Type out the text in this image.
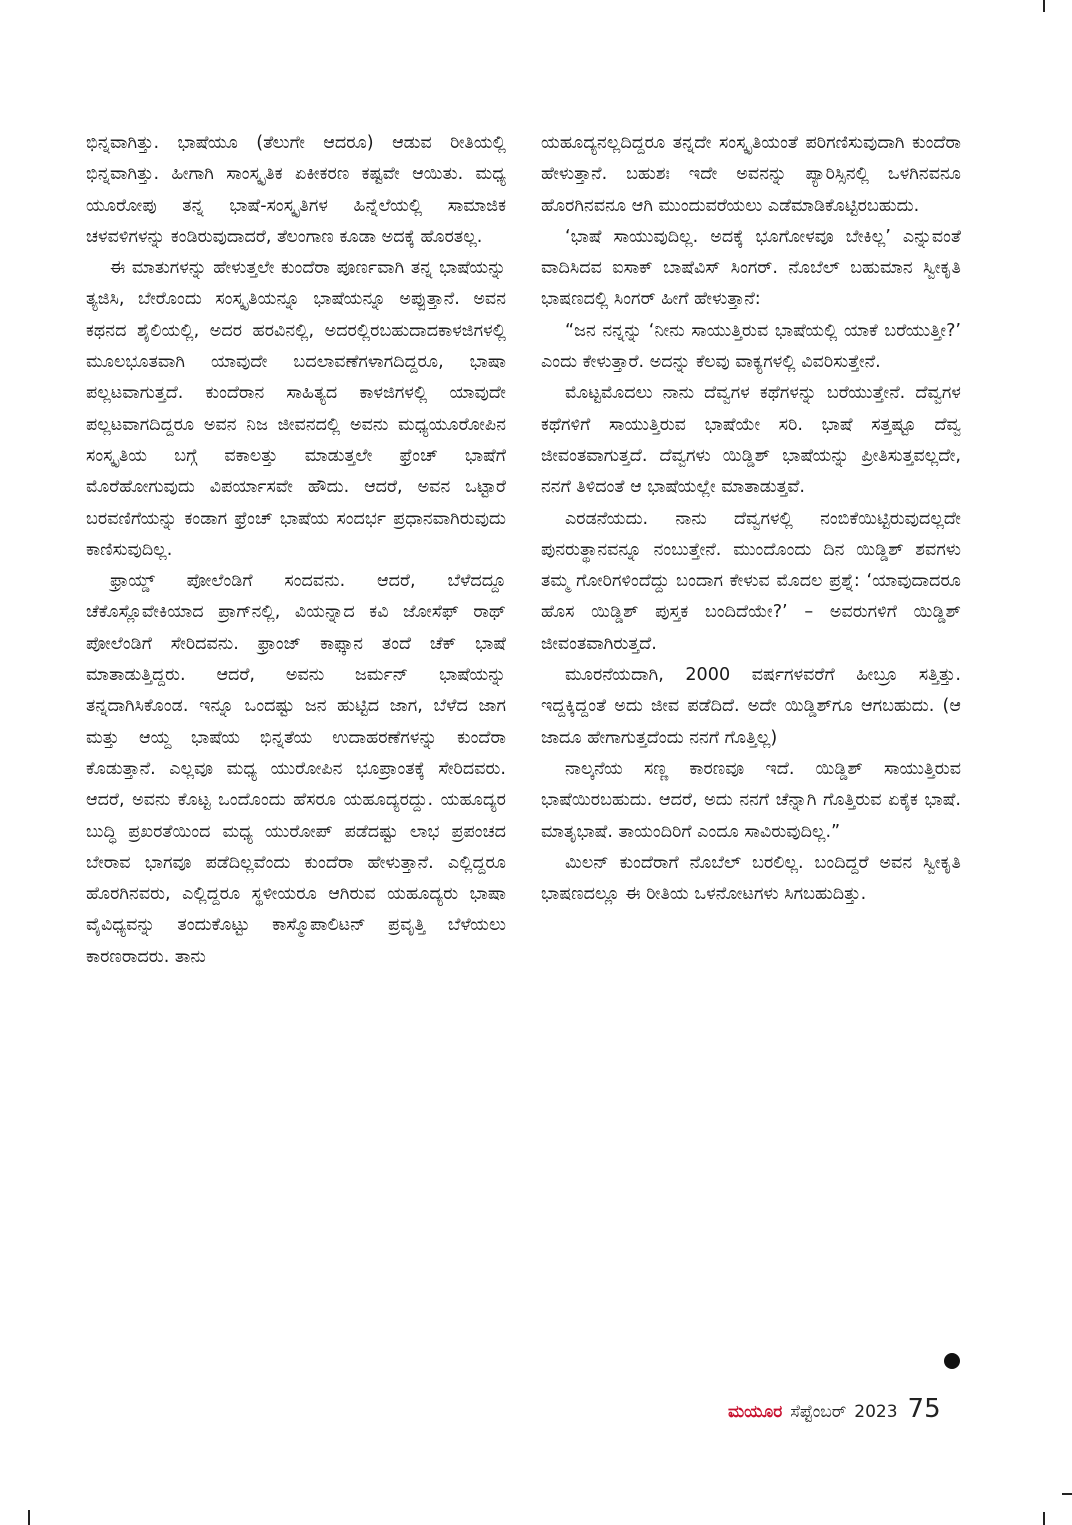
ಭಿನ್ನವಾಗಿತ್ತು. ಭಾಷೆಯೂ (ತೆಲುಗೇ ಆದರೂ) ಆಡುವ ರೀತಿಯಲ್ಲಿ ಭಿನ್ನವಾಗಿತ್ತು. ಹೀಗಾಗಿ ಸಾಂಸ್ಕೃತಿಕ ಏಕೀಕರಣ ಕಷ್ಟವೇ ಆಯಿತು. ಮಧ್ಯ ಯೂರೋಪು ತನ್ನ ಭಾಷೆ-ಸಂಸ್ಕೃತಿಗಳ ಹಿನ್ನೆಲೆಯಲ್ಲಿ ಸಾಮಾಜಿಕ ಚಳವಳಿಗಳನ್ನು ಕಂಡಿರುವುದಾದರೆ, ತೆಲಂಗಾಣ ಕೂಡಾ ಅದಕ್ಕೆ ಹೊರತಲ್ಲ.

ಈ ಮಾತುಗಳನ್ನು ಹೇಳುತ್ತಲೇ ಕುಂದೆರಾ ಪೂರ್ಣವಾಗಿ ತನ್ನ ಭಾಷೆಯನ್ನು ತ್ಯಜಿಸಿ, ಬೇರೊಂದು ಸಂಸ್ಕೃತಿಯನ್ನೂ ಭಾಷೆಯನ್ನೂ ಅಪ್ಪುತ್ತಾನೆ. ಅವನ ಕಥನದ ಶೈಲಿಯಲ್ಲಿ, ಅದರ ಹರವಿನಲ್ಲಿ, ಅದರಲ್ಲಿರಬಹುದಾದಕಾಳಜಿಗಳಲ್ಲಿ ಮೂಲಭೂತವಾಗಿ ಯಾವುದೇ ಬದಲಾವಣೆಗಳಾಗದಿದ್ದರೂ, ಭಾಷಾ ಪಲ್ಲಟವಾಗುತ್ತದೆ. ಕುಂದೆರಾನ ಸಾಹಿತ್ಯದ ಕಾಳಜಿಗಳಲ್ಲಿ ಯಾವುದೇ ಪಲ್ಲಟವಾಗದಿದ್ದರೂ ಅವನ ನಿಜ ಜೀವನದಲ್ಲಿ ಅವನು ಮಧ್ಯಯೂರೋಪಿನ ಸಂಸ್ಕೃತಿಯ ಬಗ್ಗೆ ವಕಾಲತ್ತು ಮಾಡುತ್ತಲೇ ಫ್ರೆಂಚ್ ಭಾಷೆಗೆ ಮೊರೆಹೋಗುವುದು ವಿಪರ್ಯಾಸವೇ ಹೌದು. ಆದರೆ, ಅವನ ಒಟ್ಟಾರೆ ಬರವಣಿಗೆಯನ್ನು ಕಂಡಾಗ ಫ್ರೆಂಚ್ ಭಾಷೆಯ ಸಂದರ್ಭ ಪ್ರಧಾನವಾಗಿರುವುದು ಕಾಣಿಸುವುದಿಲ್ಲ.

ಫ್ರಾಯ್ಡ್ ಪೋಲೆಂಡಿಗೆ ಸಂದವನು. ಆದರೆ, ಬೆಳೆದದ್ದೂ ಚೆಕೊಸ್ಲೊವೇಕಿಯಾದ ಪ್ರಾಗ್‌ನಲ್ಲಿ, ವಿಯನ್ನಾದ ಕವಿ ಜೋಸೆಫ್ ರಾಥ್ ಪೋಲೆಂಡಿಗೆ ಸೇರಿದವನು. ಫ್ರಾಂಜ್ ಕಾಫ್ಕಾನ ತಂದೆ ಚೆಕ್ ಭಾಷೆ ಮಾತಾಡುತ್ತಿದ್ದರು. ಆದರೆ, ಅವನು ಜರ್ಮನ್ ಭಾಷೆಯನ್ನು ತನ್ನದಾಗಿಸಿಕೊಂಡ. ಇನ್ನೂ ಒಂದಷ್ಟು ಜನ ಹುಟ್ಟಿದ ಜಾಗ, ಬೆಳೆದ ಜಾಗ ಮತ್ತು ಆಯ್ದ ಭಾಷೆಯ ಭಿನ್ನತೆಯ ಉದಾಹರಣೆಗಳನ್ನು ಕುಂದೆರಾ ಕೊಡುತ್ತಾನೆ. ಎಲ್ಲವೂ ಮಧ್ಯ ಯುರೋಪಿನ ಭೂಪ್ರಾಂತಕ್ಕೆ ಸೇರಿದವರು. ಆದರೆ, ಅವನು ಕೊಟ್ಟ ಒಂದೊಂದು ಹೆಸರೂ ಯಹೂದ್ಯರದ್ದು. ಯಹೂದ್ಯರ ಬುದ್ಧಿ ಪ್ರಖರತೆಯಿಂದ ಮಧ್ಯ ಯುರೋಪ್ ಪಡೆದಷ್ಟು ಲಾಭ ಪ್ರಪಂಚದ ಬೇರಾವ ಭಾಗವೂ ಪಡೆದಿಲ್ಲವೆಂದು ಕುಂದೆರಾ ಹೇಳುತ್ತಾನೆ. ಎಲ್ಲಿದ್ದರೂ ಹೊರಗಿನವರು, ಎಲ್ಲಿದ್ದರೂ ಸ್ಥಳೀಯರೂ ಆಗಿರುವ ಯಹೂದ್ಯರು ಭಾಷಾ ವೈವಿಧ್ಯವನ್ನು ತಂದುಕೊಟ್ಟು ಕಾಸ್ಮೊಪಾಲಿಟನ್ ಪ್ರವೃತ್ತಿ ಬೆಳೆಯಲು ಕಾರಣರಾದರು. ತಾನು

ಯಹೂದ್ಯನಲ್ಲದಿದ್ದರೂ ತನ್ನದೇ ಸಂಸ್ಕೃತಿಯಂತೆ ಪರಿಗಣಿಸುವುದಾಗಿ ಕುಂದೆರಾ ಹೇಳುತ್ತಾನೆ. ಬಹುಶಃ ಇದೇ ಅವನನ್ನು ಪ್ಯಾರಿಸ್ಸಿನಲ್ಲಿ ಒಳಗಿನವನೂ ಹೊರಗಿನವನೂ ಆಗಿ ಮುಂದುವರೆಯಲು ಎಡೆಮಾಡಿಕೊಟ್ಟಿರಬಹುದು.

‘ಭಾಷೆ ಸಾಯುವುದಿಲ್ಲ. ಅದಕ್ಕೆ ಭೂಗೋಳವೂ ಬೇಕಿಲ್ಲ’ ಎನ್ನುವಂತೆ ವಾದಿಸಿದವ ಐಸಾಕ್ ಬಾಷೆವಿಸ್ ಸಿಂಗರ್. ನೊಬೆಲ್ ಬಹುಮಾನ ಸ್ವೀಕೃತಿ ಭಾಷಣದಲ್ಲಿ ಸಿಂಗರ್ ಹೀಗೆ ಹೇಳುತ್ತಾನೆ:

“ಜನ ನನ್ನನ್ನು ‘ನೀನು ಸಾಯುತ್ತಿರುವ ಭಾಷೆಯಲ್ಲಿ ಯಾಕೆ ಬರೆಯುತ್ತೀ?’ ಎಂದು ಕೇಳುತ್ತಾರೆ. ಅದನ್ನು ಕೆಲವು ವಾಕ್ಯಗಳಲ್ಲಿ ವಿವರಿಸುತ್ತೇನೆ.

ಮೊಟ್ಟಮೊದಲು ನಾನು ದೆವ್ವಗಳ ಕಥೆಗಳನ್ನು ಬರೆಯುತ್ತೇನೆ. ದೆವ್ವಗಳ ಕಥೆಗಳಿಗೆ ಸಾಯುತ್ತಿರುವ ಭಾಷೆಯೇ ಸರಿ. ಭಾಷೆ ಸತ್ತಷ್ಟೂ ದೆವ್ವ ಜೀವಂತವಾಗುತ್ತದೆ. ದೆವ್ವಗಳು ಯಿಡ್ಡಿಶ್ ಭಾಷೆಯನ್ನು ಪ್ರೀತಿಸುತ್ತವಲ್ಲದೇ, ನನಗೆ ತಿಳಿದಂತೆ ಆ ಭಾಷೆಯಲ್ಲೇ ಮಾತಾಡುತ್ತವೆ.

ಎರಡನೆಯದು. ನಾನು ದೆವ್ವಗಳಲ್ಲಿ ನಂಬಿಕೆಯಿಟ್ಟಿರುವುದಲ್ಲದೇ ಪುನರುತ್ಥಾನವನ್ನೂ ನಂಬುತ್ತೇನೆ. ಮುಂದೊಂದು ದಿನ ಯಿಡ್ಡಿಶ್ ಶವಗಳು ತಮ್ಮ ಗೋರಿಗಳಿಂದೆದ್ದು ಬಂದಾಗ ಕೇಳುವ ಮೊದಲ ಪ್ರಶ್ನೆ: ‘ಯಾವುದಾದರೂ ಹೊಸ ಯಿಡ್ಡಿಶ್ ಪುಸ್ತಕ ಬಂದಿದೆಯೇ?’ – ಅವರುಗಳಿಗೆ ಯಿಡ್ಡಿಶ್ ಜೀವಂತವಾಗಿರುತ್ತದೆ.

ಮೂರನೆಯದಾಗಿ, 2000 ವರ್ಷಗಳವರೆಗೆ ಹೀಬ್ರೂ ಸತ್ತಿತ್ತು. ಇದ್ದಕ್ಕಿದ್ದಂತೆ ಅದು ಜೀವ ಪಡೆದಿದೆ. ಅದೇ ಯಿಡ್ಡಿಶ್‌ಗೂ ಆಗಬಹುದು. (ಆ ಜಾದೂ ಹೇಗಾಗುತ್ತದೆಂದು ನನಗೆ ಗೊತ್ತಿಲ್ಲ)

ನಾಲ್ಕನೆಯ ಸಣ್ಣ ಕಾರಣವೂ ಇದೆ. ಯಿಡ್ಡಿಶ್ ಸಾಯುತ್ತಿರುವ ಭಾಷೆಯಿರಬಹುದು. ಆದರೆ, ಅದು ನನಗೆ ಚೆನ್ನಾಗಿ ಗೊತ್ತಿರುವ ಏಕೈಕ ಭಾಷೆ. ಮಾತೃಭಾಷೆ. ತಾಯಂದಿರಿಗೆ ಎಂದೂ ಸಾವಿರುವುದಿಲ್ಲ.”

ಮಿಲನ್ ಕುಂದೆರಾಗೆ ನೊಬೆಲ್ ಬರಲಿಲ್ಲ. ಬಂದಿದ್ದರೆ ಅವನ ಸ್ವೀಕೃತಿ ಭಾಷಣದಲ್ಲೂ ಈ ರೀತಿಯ ಒಳನೋಟಗಳು ಸಿಗಬಹುದಿತ್ತು.

ಮಯೂರ ಸೆಪ್ಟೆಂಬರ್ 2023 75
